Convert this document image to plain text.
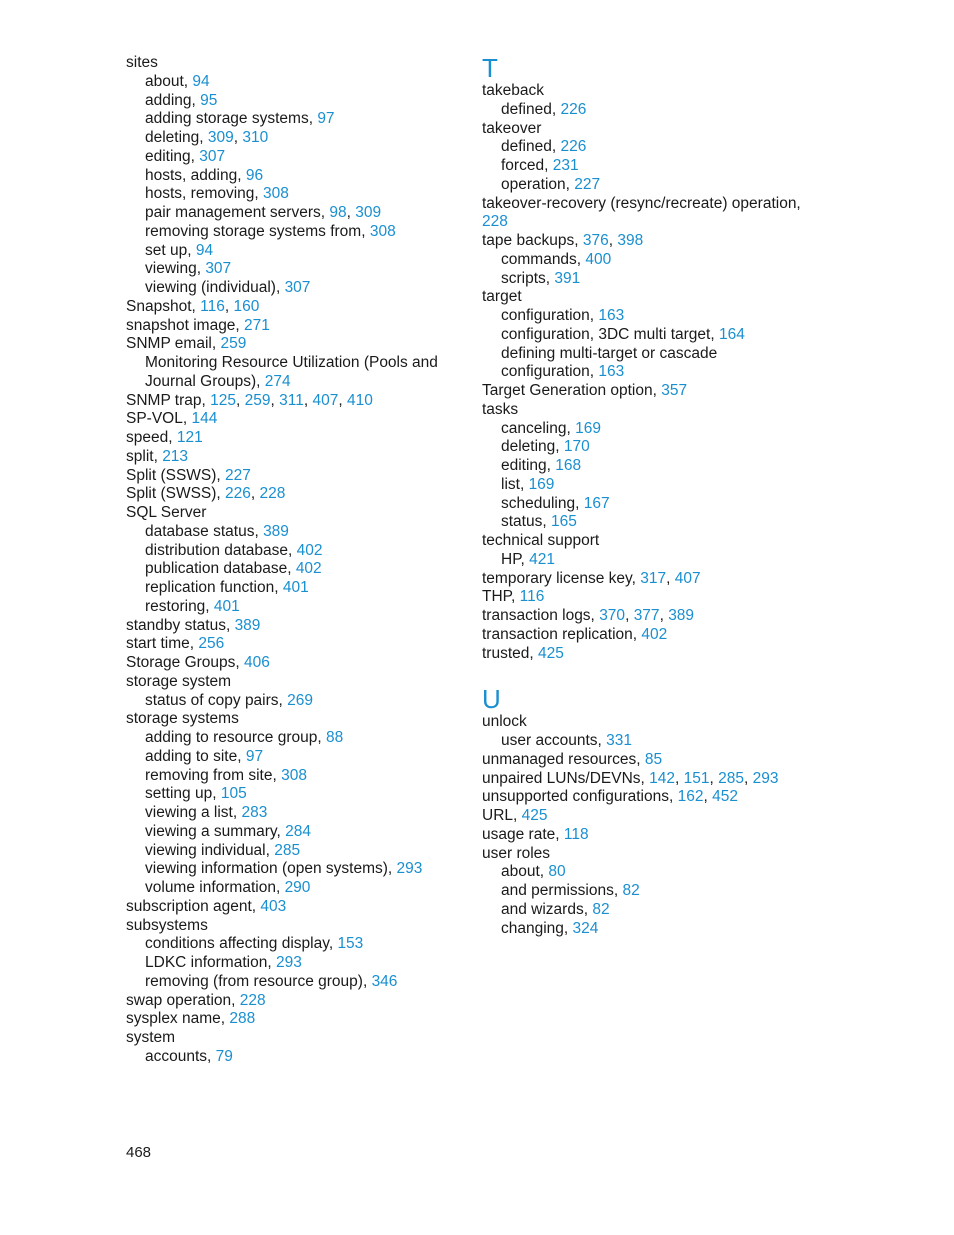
sites
about, 94
adding, 95
adding storage systems, 97
deleting, 309, 310
editing, 307
hosts, adding, 96
hosts, removing, 308
pair management servers, 98, 309
removing storage systems from, 308
set up, 94
viewing, 307
viewing (individual), 307
Snapshot, 116, 160
snapshot image, 271
SNMP email, 259
Monitoring Resource Utilization (Pools and Journal Groups), 274
SNMP trap, 125, 259, 311, 407, 410
SP-VOL, 144
speed, 121
split, 213
Split (SSWS), 227
Split (SWSS), 226, 228
SQL Server
database status, 389
distribution database, 402
publication database, 402
replication function, 401
restoring, 401
standby status, 389
start time, 256
Storage Groups, 406
storage system
status of copy pairs, 269
storage systems
adding to resource group, 88
adding to site, 97
removing from site, 308
setting up, 105
viewing a list, 283
viewing a summary, 284
viewing individual, 285
viewing information (open systems), 293
volume information, 290
subscription agent, 403
subsystems
conditions affecting display, 153
LDKC information, 293
removing (from resource group), 346
swap operation, 228
sysplex name, 288
system
accounts, 79
T
takeback
defined, 226
takeover
defined, 226
forced, 231
operation, 227
takeover-recovery (resync/recreate) operation, 228
tape backups, 376, 398
commands, 400
scripts, 391
target
configuration, 163
configuration, 3DC multi target, 164
defining multi-target or cascade configuration, 163
Target Generation option, 357
tasks
canceling, 169
deleting, 170
editing, 168
list, 169
scheduling, 167
status, 165
technical support
HP, 421
temporary license key, 317, 407
THP, 116
transaction logs, 370, 377, 389
transaction replication, 402
trusted, 425
U
unlock
user accounts, 331
unmanaged resources, 85
unpaired LUNs/DEVNs, 142, 151, 285, 293
unsupported configurations, 162, 452
URL, 425
usage rate, 118
user roles
about, 80
and permissions, 82
and wizards, 82
changing, 324
468
